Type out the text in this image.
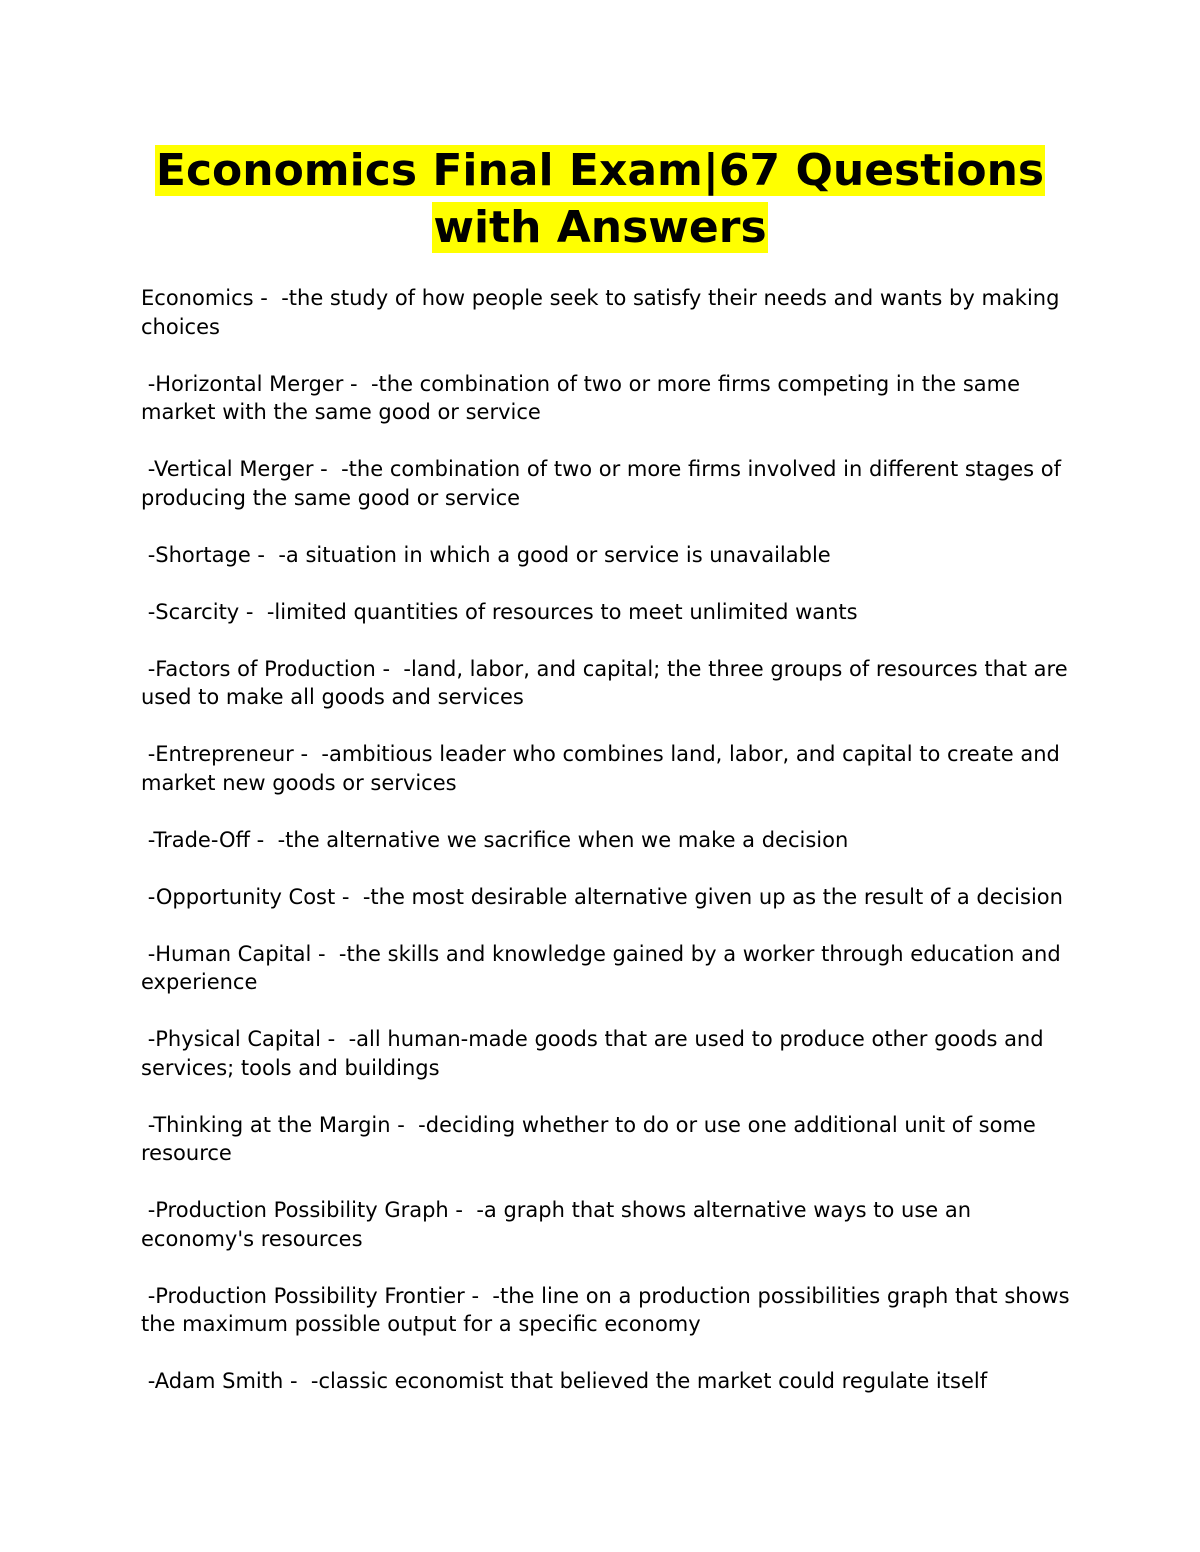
Economics Final Exam|67 Questions
with Answers

Economics -  -the study of how people seek to satisfy their needs and wants by making choices

-Horizontal Merger -  -the combination of two or more firms competing in the same market with the same good or service

-Vertical Merger -  -the combination of two or more firms involved in different stages of producing the same good or service

-Shortage -  -a situation in which a good or service is unavailable

-Scarcity -  -limited quantities of resources to meet unlimited wants

-Factors of Production -  -land, labor, and capital; the three groups of resources that are used to make all goods and services

-Entrepreneur -  -ambitious leader who combines land, labor, and capital to create and market new goods or services

-Trade-Off -  -the alternative we sacrifice when we make a decision

-Opportunity Cost -  -the most desirable alternative given up as the result of a decision

-Human Capital -  -the skills and knowledge gained by a worker through education and experience

-Physical Capital -  -all human-made goods that are used to produce other goods and services; tools and buildings

-Thinking at the Margin -  -deciding whether to do or use one additional unit of some resource

-Production Possibility Graph -  -a graph that shows alternative ways to use an economy's resources

-Production Possibility Frontier -  -the line on a production possibilities graph that shows the maximum possible output for a specific economy

-Adam Smith -  -classic economist that believed the market could regulate itself
